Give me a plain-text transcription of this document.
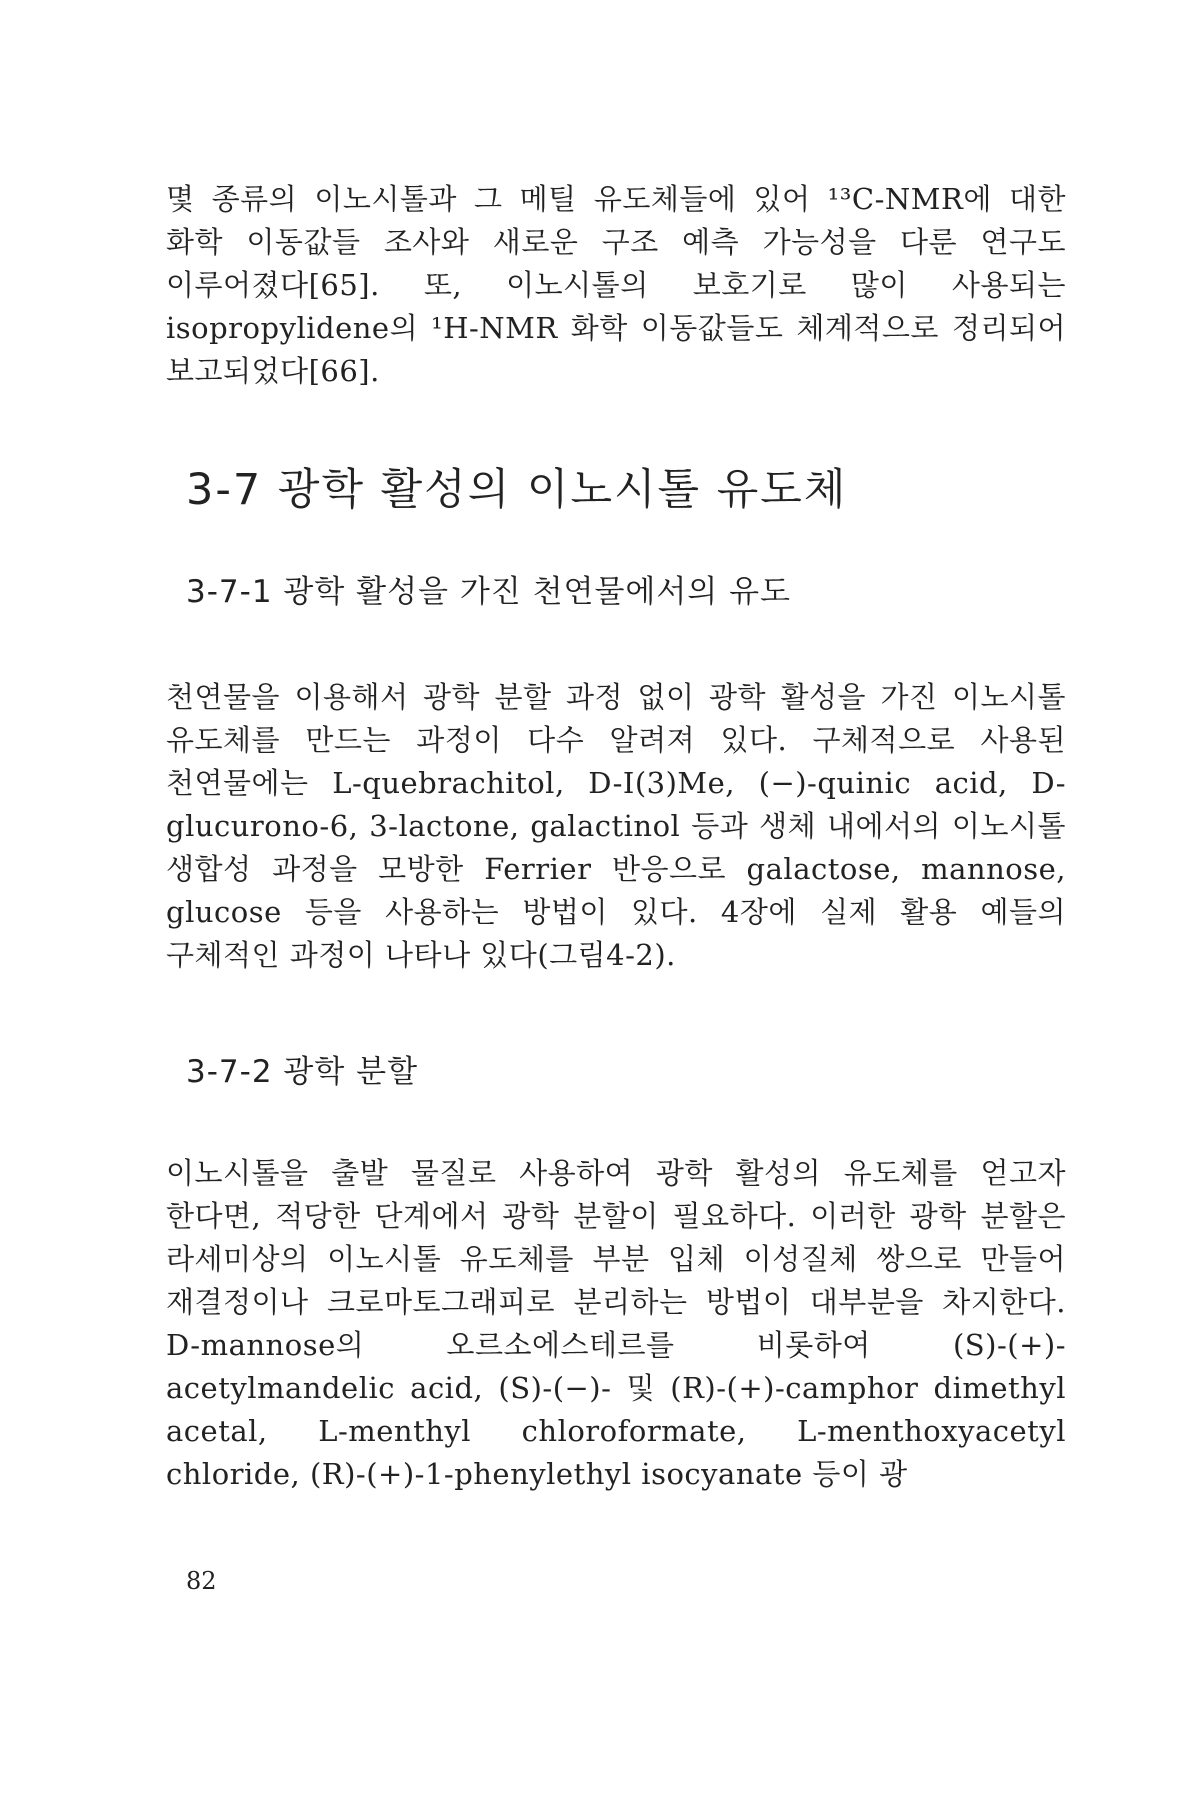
몇 종류의 이노시톨과 그 메틸 유도체들에 있어 ¹³C-NMR에 대한 화학 이동값들 조사와 새로운 구조 예측 가능성을 다룬 연구도 이루어졌다[65]. 또, 이노시톨의 보호기로 많이 사용되는 isopropylidene의 ¹H-NMR 화학 이동값들도 체계적으로 정리되어 보고되었다[66].

3-7 광학 활성의 이노시톨 유도체
3-7-1 광학 활성을 가진 천연물에서의 유도

천연물을 이용해서 광학 분할 과정 없이 광학 활성을 가진 이노시톨 유도체를 만드는 과정이 다수 알려져 있다. 구체적으로 사용된 천연물에는 L-quebrachitol, D-I(3)Me, (−)-quinic acid, D-glucurono-6, 3-lactone, galactinol 등과 생체 내에서의 이노시톨 생합성 과정을 모방한 Ferrier 반응으로 galactose, mannose, glucose 등을 사용하는 방법이 있다. 4장에 실제 활용 예들의 구체적인 과정이 나타나 있다(그림4-2).

3-7-2 광학 분할

이노시톨을 출발 물질로 사용하여 광학 활성의 유도체를 얻고자 한다면, 적당한 단계에서 광학 분할이 필요하다. 이러한 광학 분할은 라세미상의 이노시톨 유도체를 부분 입체 이성질체 쌍으로 만들어 재결정이나 크로마토그래피로 분리하는 방법이 대부분을 차지한다. D-mannose의 오르소에스테르를 비롯하여 (S)-(+)-acetylmandelic acid, (S)-(−)- 및 (R)-(+)-camphor dimethyl acetal, L-menthyl chloroformate, L-menthoxyacetyl chloride, (R)-(+)-1-phenylethyl isocyanate 등이 광

82
